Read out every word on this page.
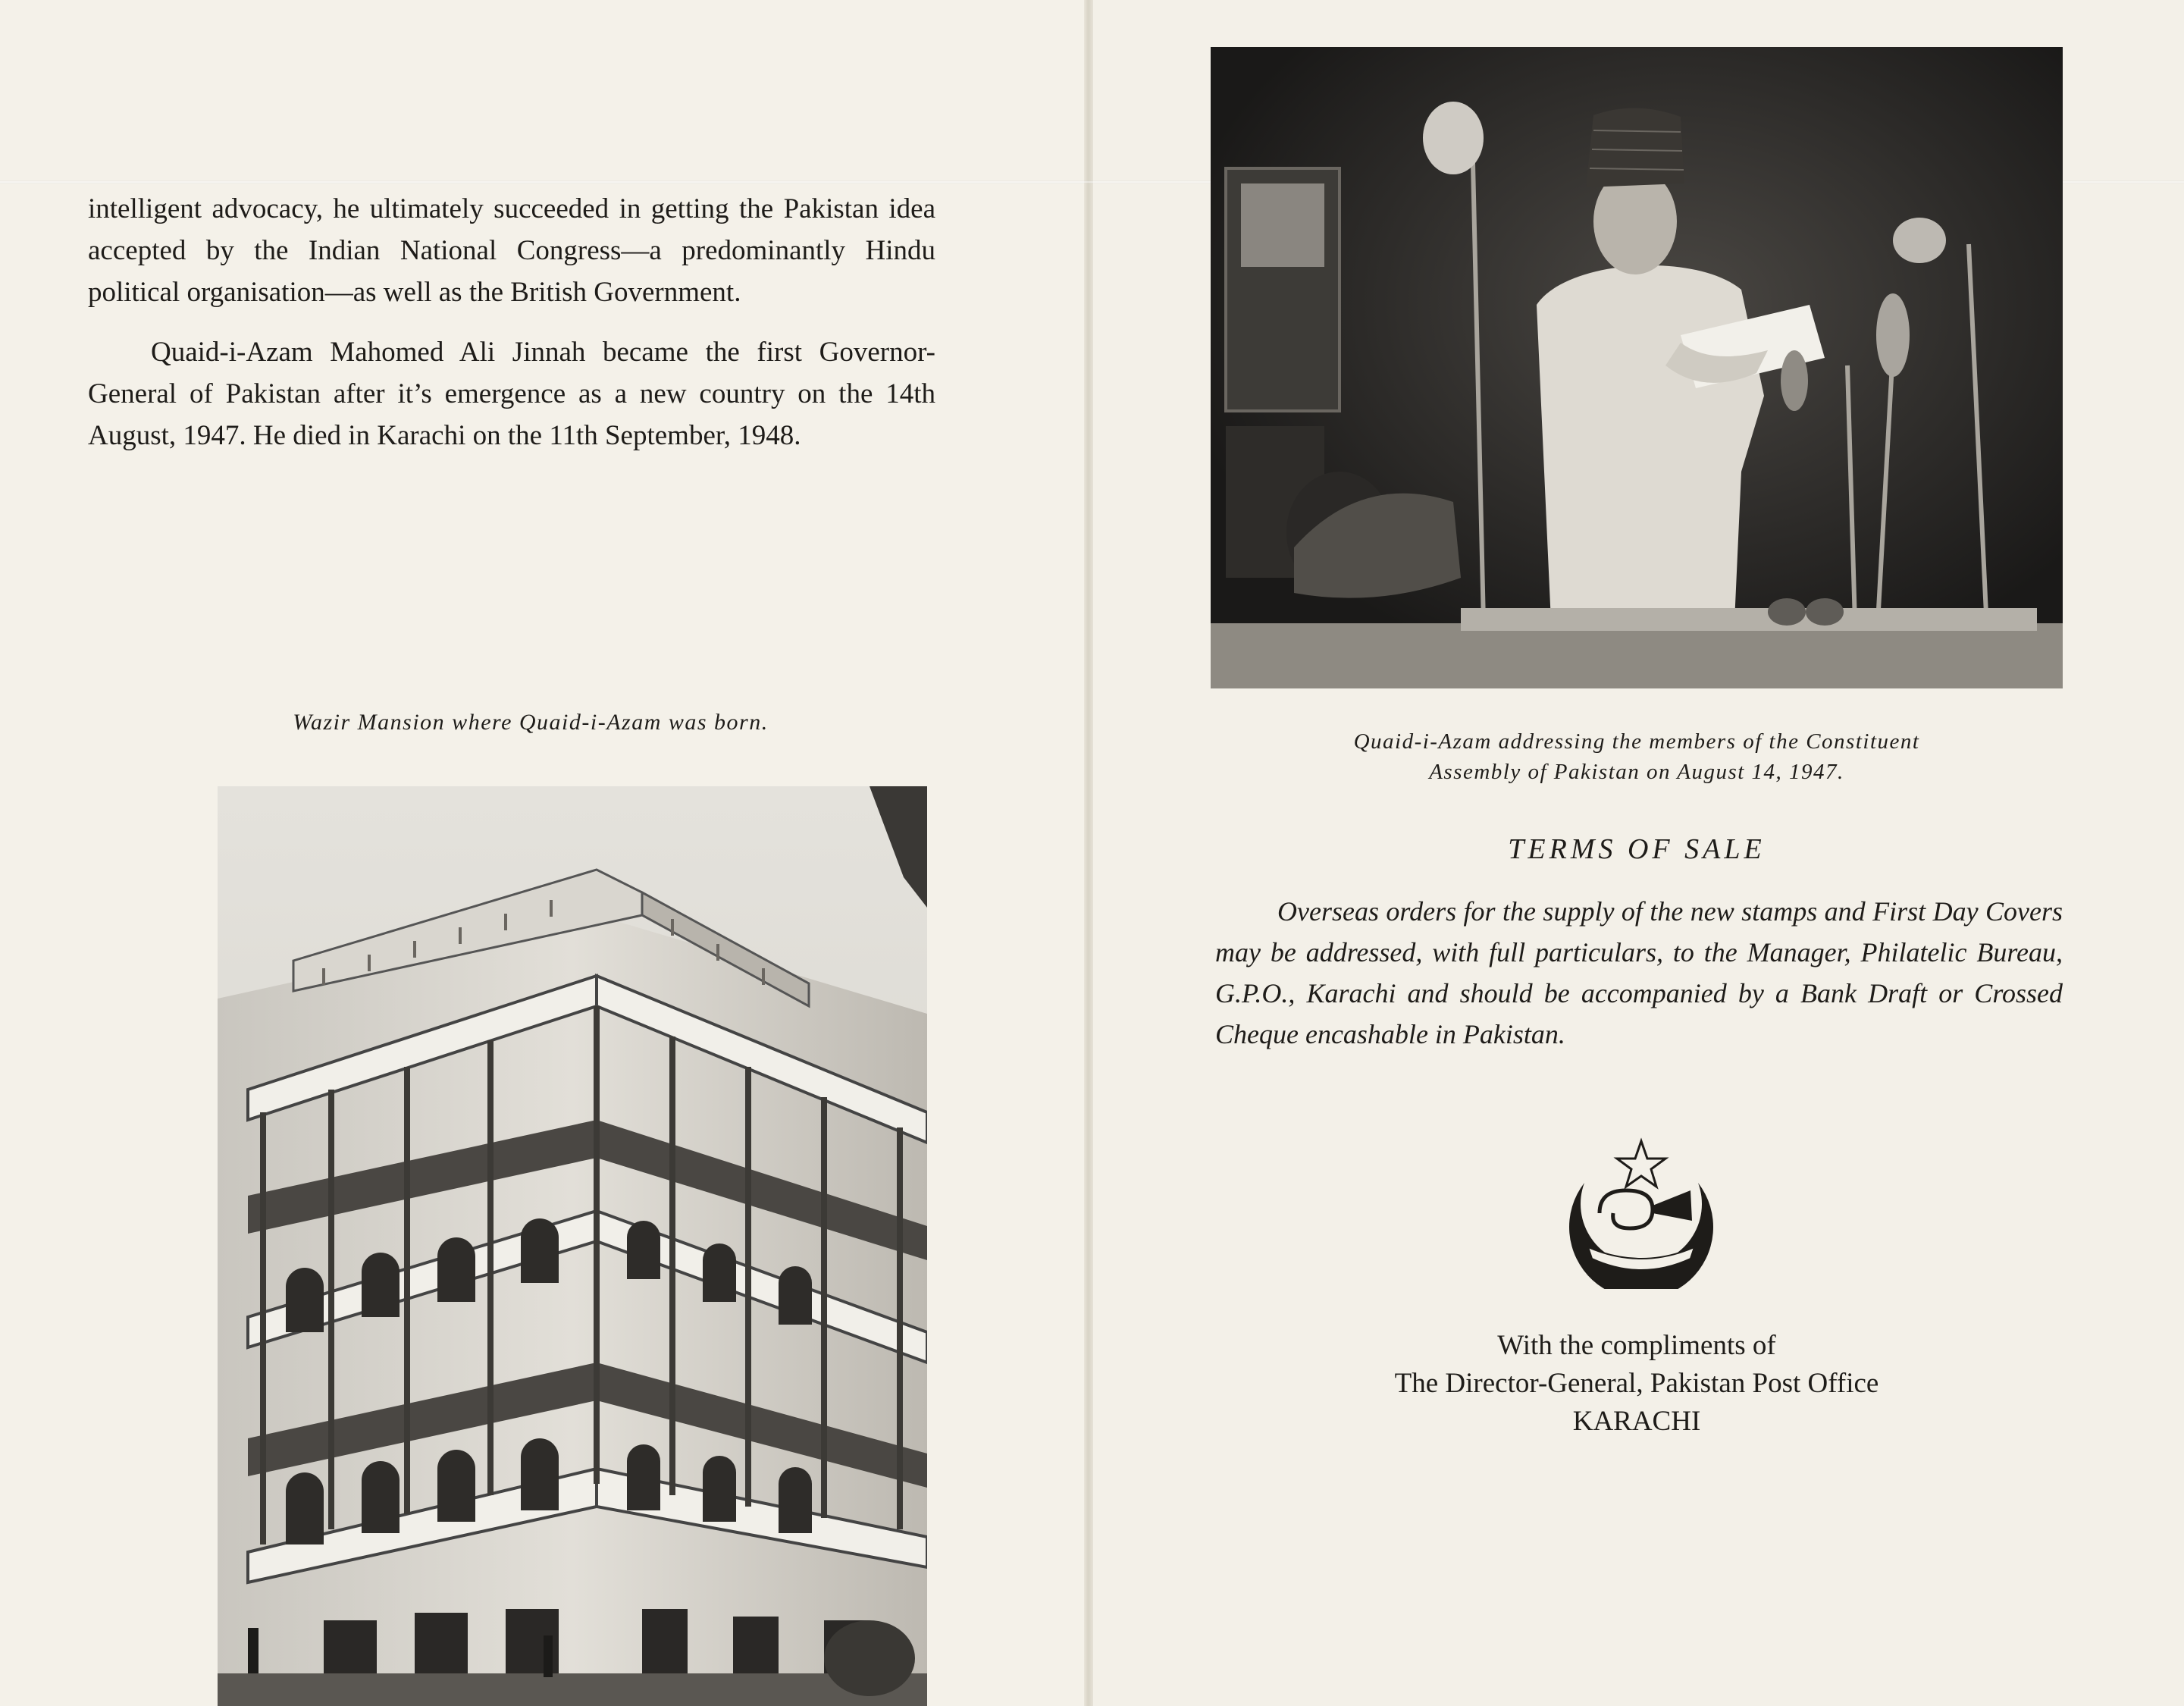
intelligent advocacy, he ultimately succeeded in getting the Pakistan idea accepted by the Indian National Congress—a predominantly Hindu political organisation—as well as the British Government.

Quaid-i-Azam Mahomed Ali Jinnah became the first Governor-General of Pakistan after it’s emergence as a new country on the 14th August, 1947. He died in Karachi on the 11th September, 1948.

Wazir Mansion where Quaid-i-Azam was born.
Quaid-i-Azam addressing the members of the Constituent
Assembly of Pakistan on August 14, 1947.
TERMS OF SALE

Overseas orders for the supply of the new stamps and First Day Covers may be addressed, with full particulars, to the Manager, Philatelic Bureau, G.P.O., Karachi and should be accompanied by a Bank Draft or Crossed Cheque encashable in Pakistan.

With the compliments of
The Director-General, Pakistan Post Office
KARACHI
